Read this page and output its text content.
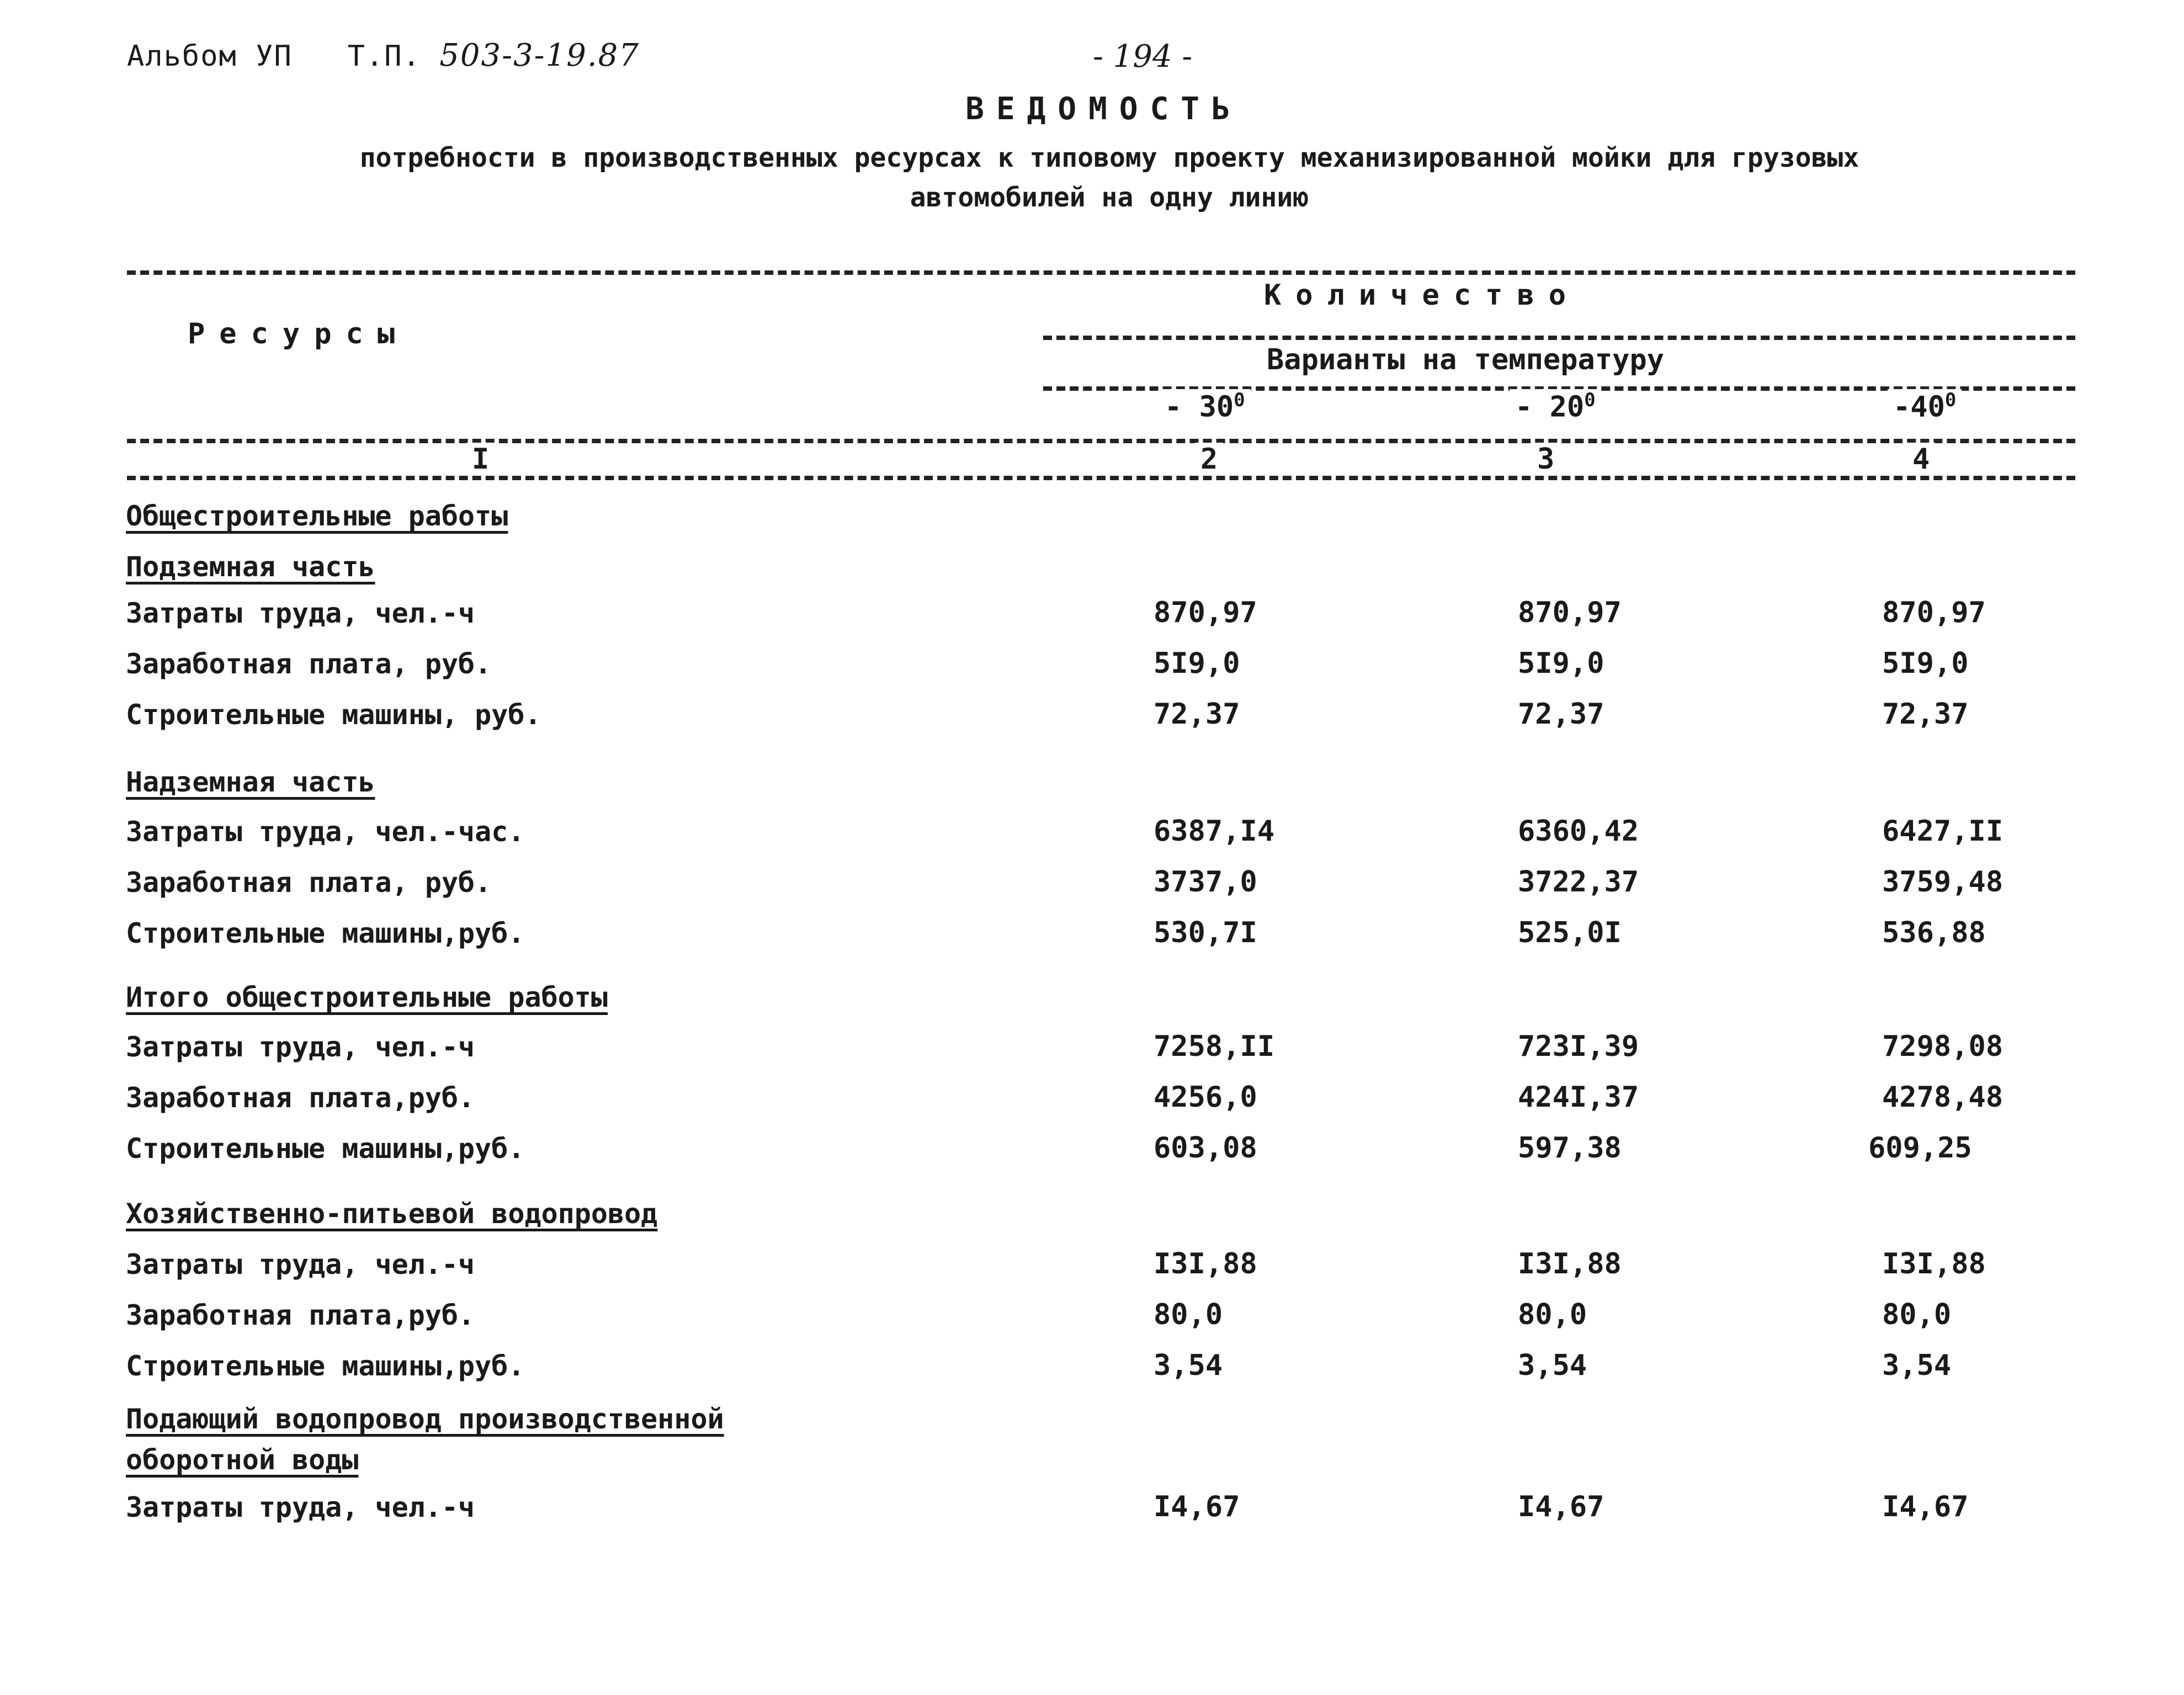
Альбом УП Т.П. 503-3-19.87	- 194 -
ВЕДОМОСТЬ
потребности в производственных ресурсах к типовому проекту механизированной мойки для грузовых
автомобилей на одну линию
Ресурсы
Количество
Варианты на температуру
- $30^0$	- $20^0$	$-40^0$
I	2	3	4
Общестроительные работы
Подземная часть
Затраты труда, чел.-ч	870,97	870,97	870,97
Заработная плата, руб.	5I9,0	5I9,0	5I9,0
Строительные машины, руб.	72,37	72,37	72,37
Надземная часть
Затраты труда, чел.-час.	6387,I4	6360,42	6427,II
Заработная плата, руб.	3737,0	3722,37	3759,48
Строительные машины,руб.	530,7I	525,0I	536,88
Итого общестроительные работы
Затраты труда, чел.-ч	7258,II	723I,39	7298,08
Заработная плата,руб.	4256,0	424I,37	4278,48
Строительные машины,руб.	603,08	597,38	609,25
Хозяйственно-питьевой водопровод
Затраты труда, чел.-ч	I3I,88	I3I,88	I3I,88
Заработная плата,руб.	80,0	80,0	80,0
Строительные машины,руб.	3,54	3,54	3,54
Подающий водопровод производственной
оборотной воды
Затраты труда, чел.-ч	I4,67	I4,67	I4,67
